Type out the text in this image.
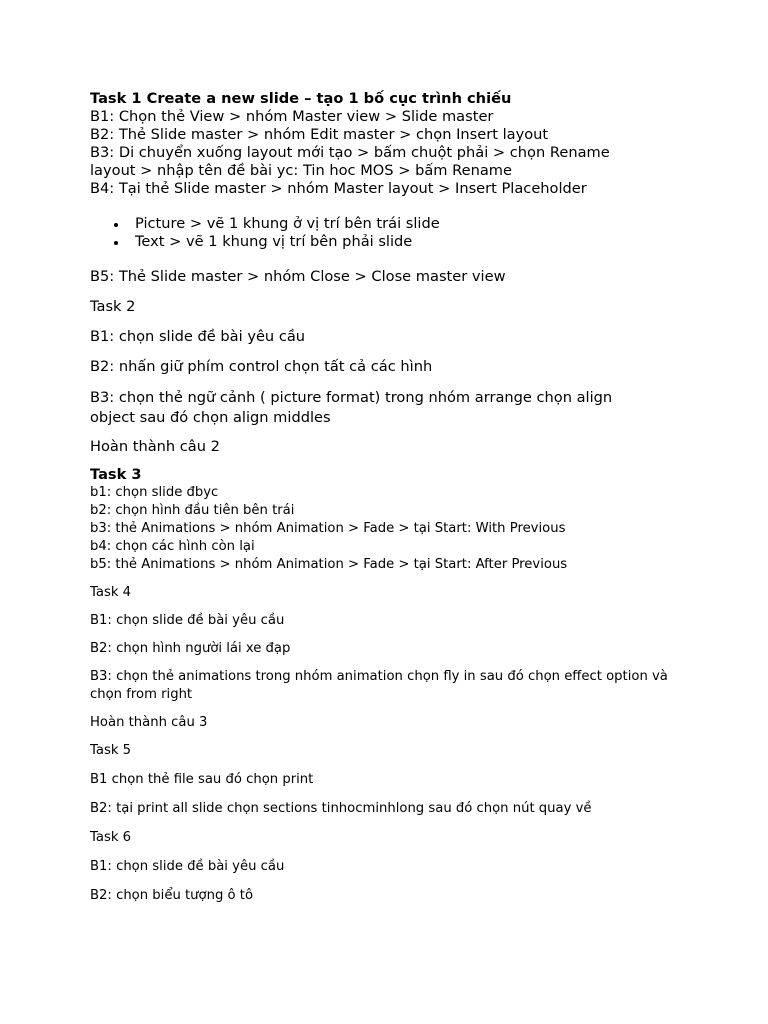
Task 1 Create a new slide – tạo 1 bố cục trình chiếu

B1: Chọn thẻ View > nhóm Master view > Slide master

B2: Thẻ Slide master > nhóm Edit master > chọn Insert layout

B3: Di chuyển xuống layout mới tạo > bấm chuột phải > chọn Rename layout > nhập tên đề bài yc: Tin hoc MOS > bấm Rename

B4: Tại thẻ Slide master > nhóm Master layout > Insert Placeholder

Picture > vẽ 1 khung ở vị trí bên trái slide
Text > vẽ 1 khung vị trí bên phải slide

B5: Thẻ Slide master > nhóm Close > Close master view

Task 2

B1: chọn slide đề bài yêu cầu

B2: nhấn giữ phím control chọn tất cả các hình

B3: chọn thẻ ngữ cảnh ( picture format) trong nhóm arrange chọn align object sau đó chọn align middles

Hoàn thành câu 2

Task 3

b1: chọn slide đbyc

b2: chọn hình đầu tiên bên trái

b3: thẻ Animations > nhóm Animation > Fade > tại Start: With Previous

b4: chọn các hình còn lại

b5: thẻ Animations > nhóm Animation > Fade > tại Start: After Previous

Task 4

B1: chọn slide đề bài yêu cầu

B2: chọn hình người lái xe đạp

B3: chọn thẻ animations trong nhóm animation chọn fly in sau đó chọn effect option và chọn from right

Hoàn thành câu 3

Task 5

B1 chọn thẻ file sau đó chọn print

B2: tại print all slide chọn sections tinhocminhlong sau đó chọn nút quay về

Task 6

B1: chọn slide đề bài yêu cầu

B2: chọn biểu tượng ô tô
